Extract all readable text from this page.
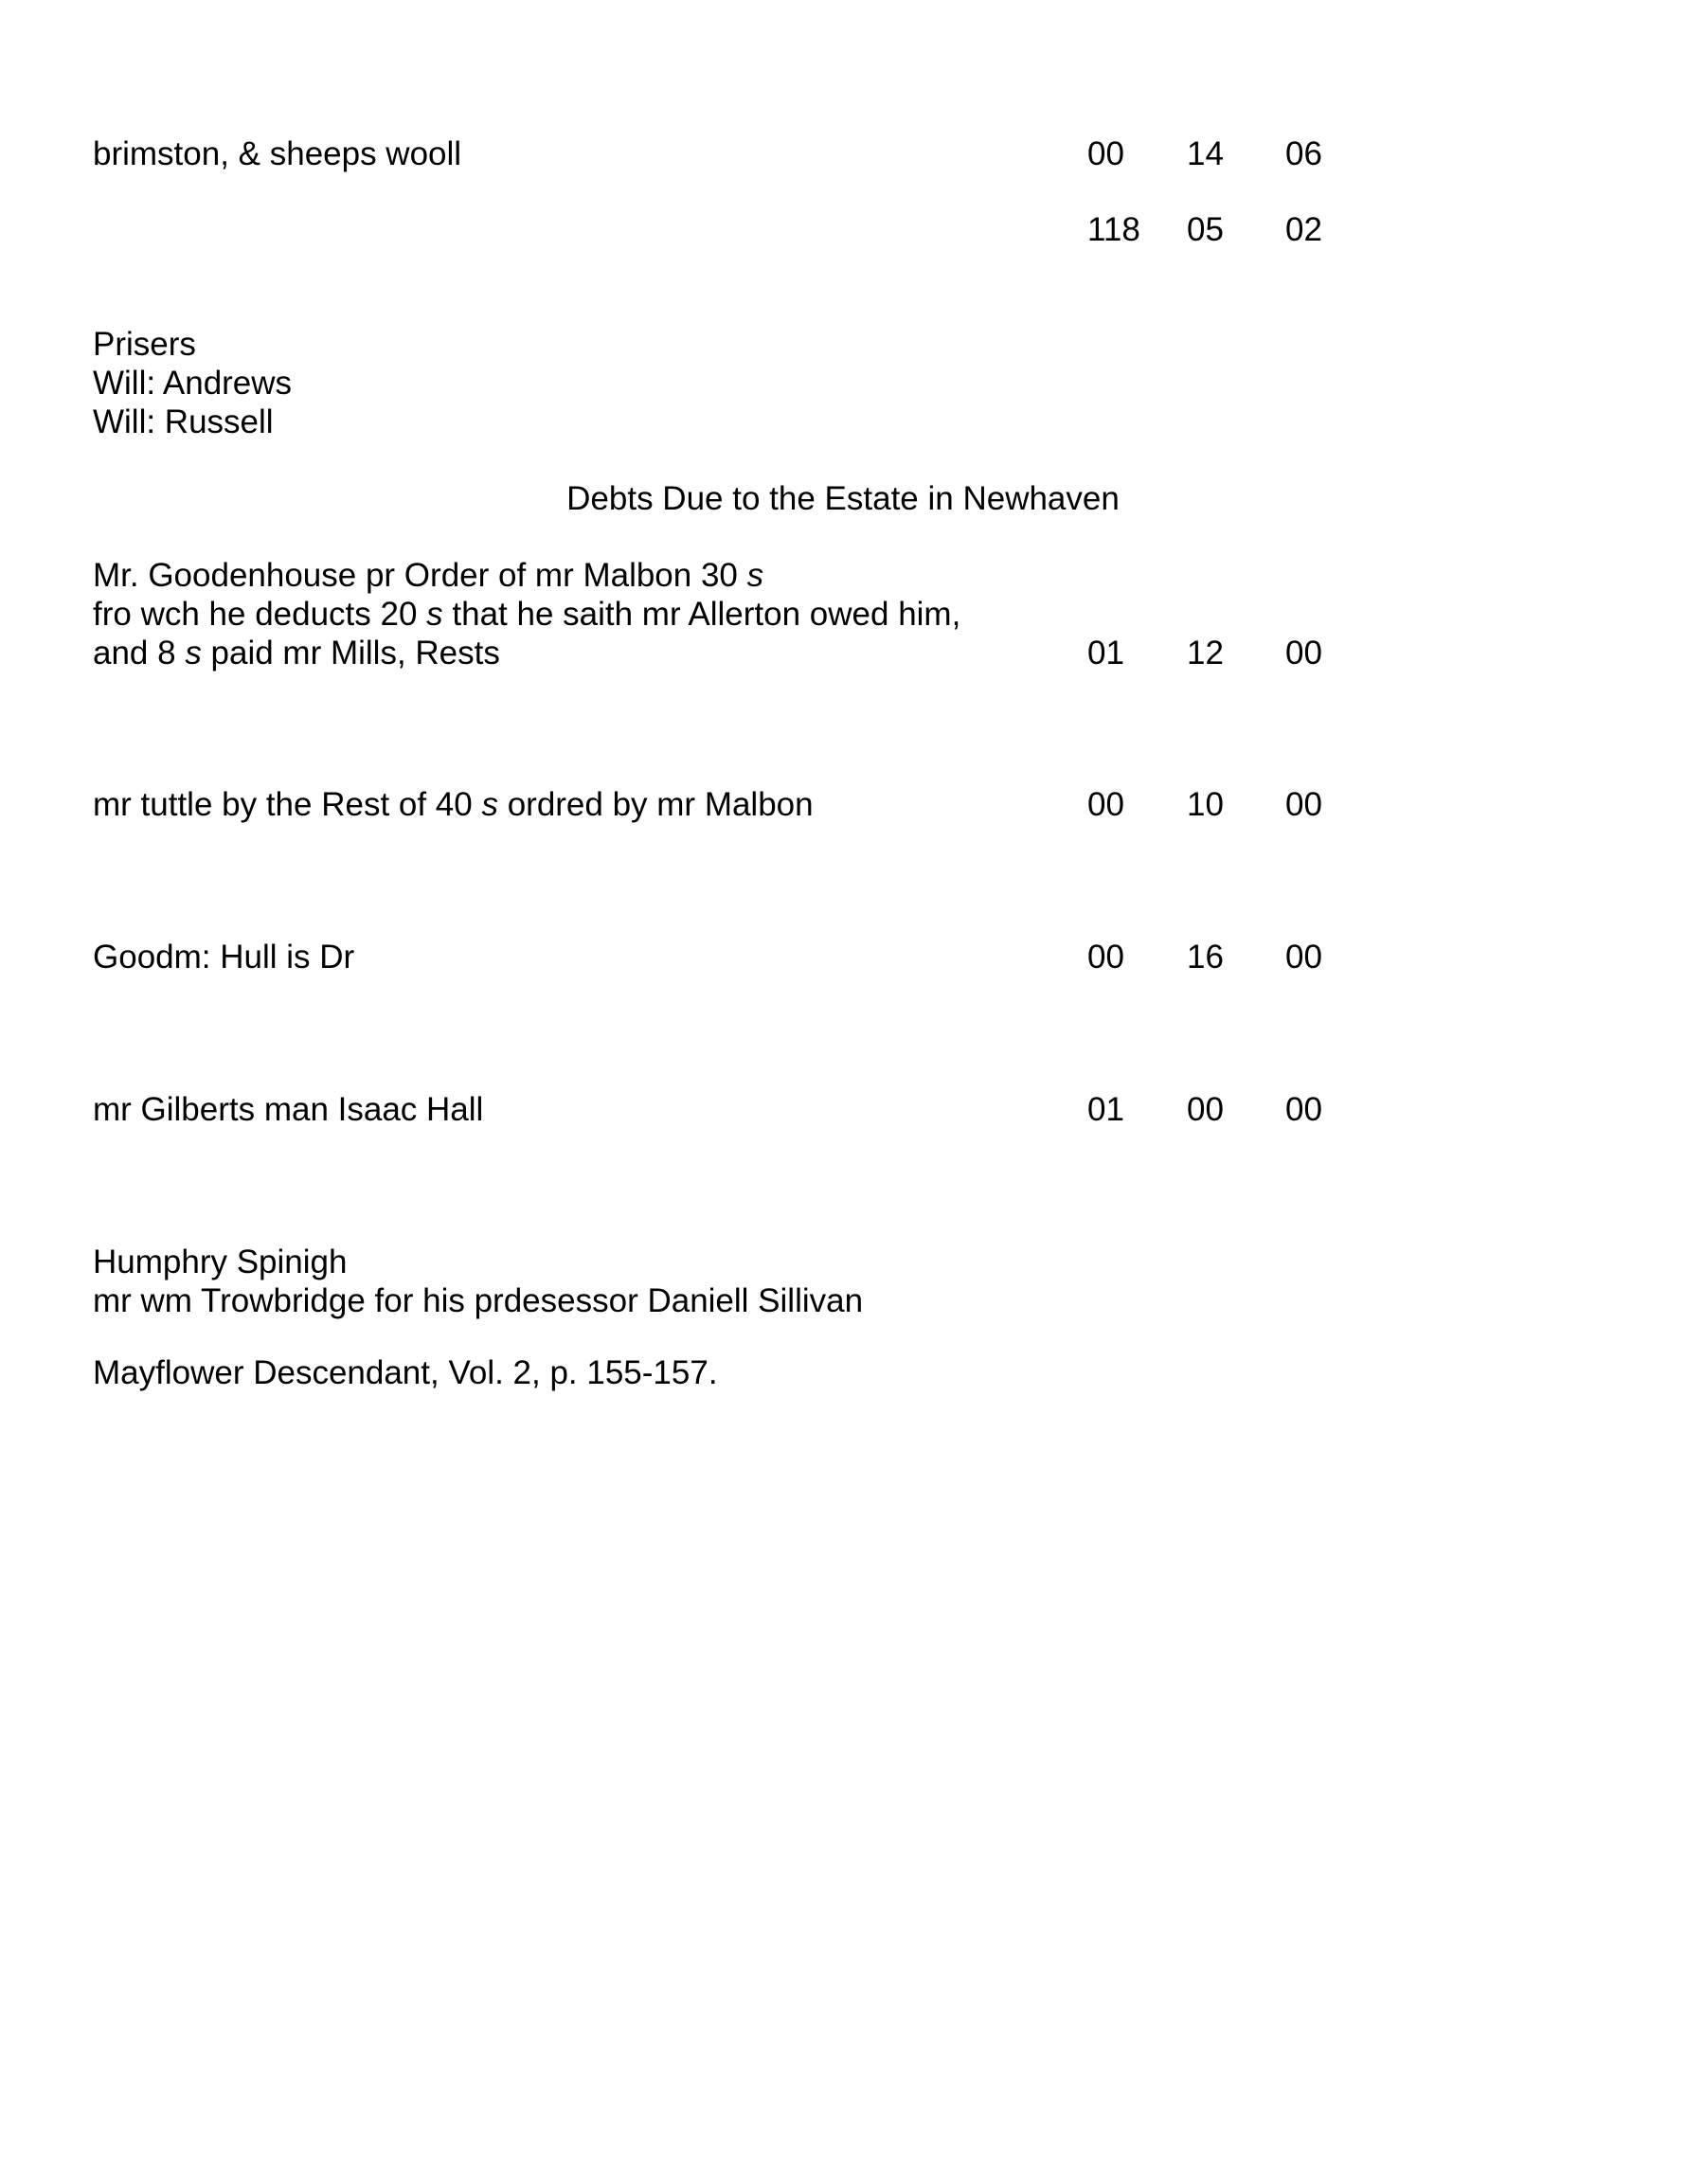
brimston, & sheeps wooll	00 14 06
118 05 02
Prisers
Will: Andrews
Will: Russell
Debts Due to the Estate in Newhaven
Mr. Goodenhouse pr Order of mr Malbon 30 s
fro wch he deducts 20 s that he saith mr Allerton owed him,
and 8 s paid mr Mills, Rests	01 12 00
mr tuttle by the Rest of 40 s ordred by mr Malbon	00 10 00
Goodm: Hull is Dr	00 16 00
mr Gilberts man Isaac Hall	01 00 00
Humphry Spinigh
mr wm Trowbridge for his prdesessor Daniell Sillivan
Mayflower Descendant, Vol. 2, p. 155-157.
